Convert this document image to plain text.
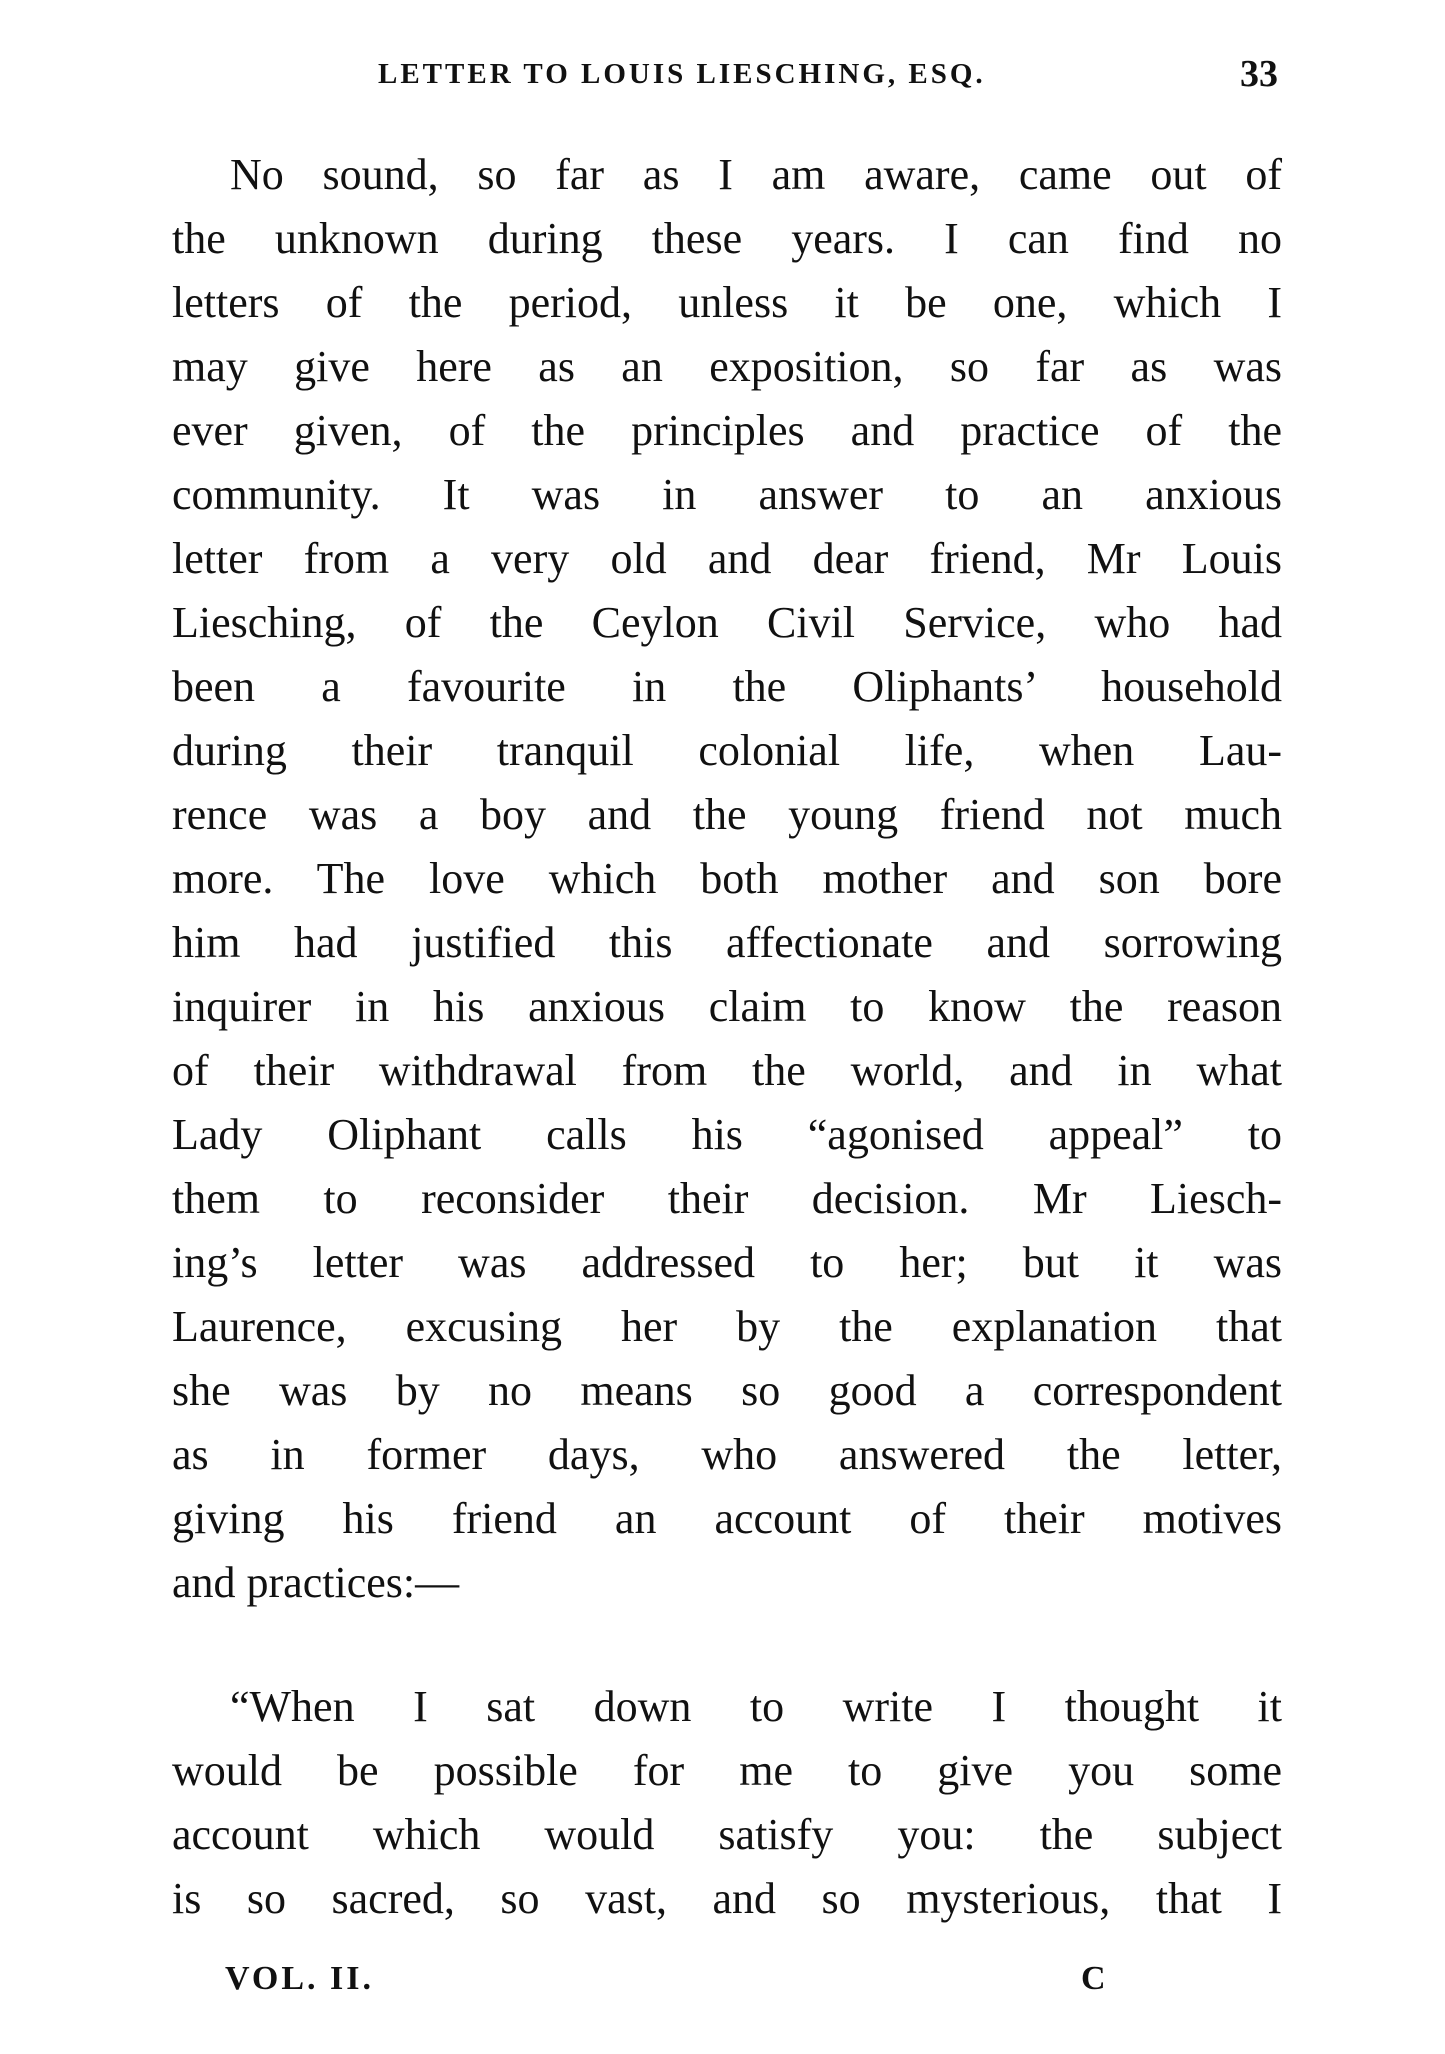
LETTER TO LOUIS LIESCHING, ESQ.	33
No sound, so far as I am aware, came out of
the unknown during these years. I can find no
letters of the period, unless it be one, which I
may give here as an exposition, so far as was
ever given, of the principles and practice of the
community. It was in answer to an anxious
letter from a very old and dear friend, Mr Louis
Liesching, of the Ceylon Civil Service, who had
been a favourite in the Oliphants’ household
during their tranquil colonial life, when Lau-
rence was a boy and the young friend not much
more. The love which both mother and son bore
him had justified this affectionate and sorrowing
inquirer in his anxious claim to know the reason
of their withdrawal from the world, and in what
Lady Oliphant calls his “agonised appeal” to
them to reconsider their decision. Mr Liesch-
ing’s letter was addressed to her; but it was
Laurence, excusing her by the explanation that
she was by no means so good a correspondent
as in former days, who answered the letter,
giving his friend an account of their motives
and practices:—
“When I sat down to write I thought it
would be possible for me to give you some
account which would satisfy you: the subject
is so sacred, so vast, and so mysterious, that I
VOL. II.	C
